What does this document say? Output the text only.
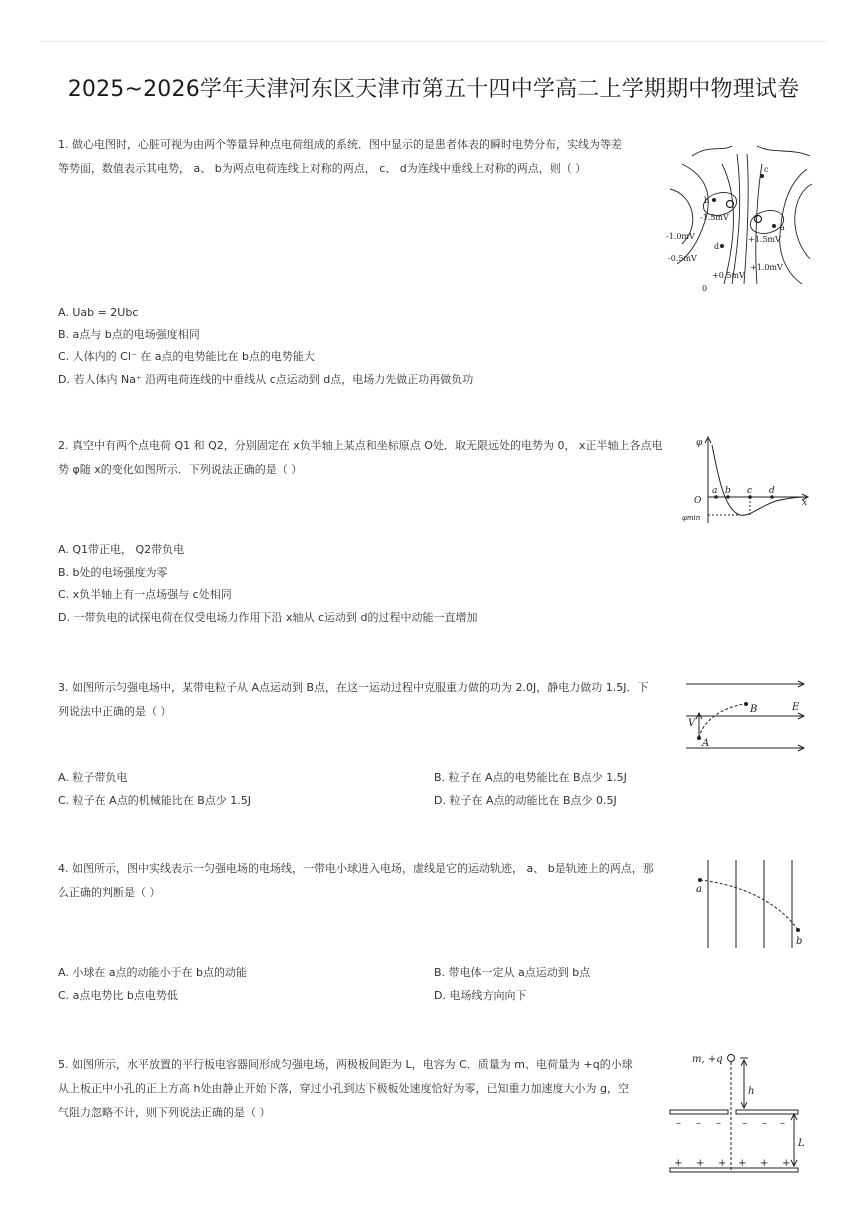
2025~2026学年天津河东区天津市第五十四中学高二上学期期中物理试卷
1. 做心电图时，心脏可视为由两个等量异种点电荷组成的系统．图中显示的是患者体表的瞬时电势分布，实线为等差
等势面，数值表示其电势， a、 b为两点电荷连线上对称的两点， c、 d为连线中垂线上对称的两点，则（ ）
A. Uab = 2Ubc
B. a点与 b点的电场强度相同
C. 人体内的 Cl⁻ 在 a点的电势能比在 b点的电势能大
D. 若人体内 Na⁺ 沿两电荷连线的中垂线从 c点运动到 d点，电场力先做正功再做负功
c
b
-1.5mV
a
+1.5mV
-1.0mV
d
+1.0mV
-0.5mV
+0.5mV
0
2. 真空中有两个点电荷 Q1 和 Q2，分别固定在 x负半轴上某点和坐标原点 O处．取无限远处的电势为 0， x正半轴上各点电
势 φ随 x的变化如图所示．下列说法正确的是（ ）
A. Q1带正电， Q2带负电
B. b处的电场强度为零
C. x负半轴上有一点场强与 c处相同
D. 一带负电的试探电荷在仅受电场力作用下沿 x轴从 c运动到 d的过程中动能一直增加
φ
O
a b c d
x
φmin
3. 如图所示匀强电场中，某带电粒子从 A点运动到 B点，在这一运动过程中克服重力做的功为 2.0J，静电力做功 1.5J．下
列说法中正确的是（ ）
A. 粒子带负电	B. 粒子在 A点的电势能比在 B点少 1.5J
C. 粒子在 A点的机械能比在 B点少 1.5J	D. 粒子在 A点的动能比在 B点少 0.5J
B	E
V
A
4. 如图所示，图中实线表示一匀强电场的电场线，一带电小球进入电场，虚线是它的运动轨迹， a、 b是轨迹上的两点，那
么正确的判断是（ ）
A. 小球在 a点的动能小于在 b点的动能	B. 带电体一定从 a点运动到 b点
C. a点电势比 b点电势低	D. 电场线方向向下
a
b
5. 如图所示，水平放置的平行板电容器间形成匀强电场，两极板间距为 L，电容为 C．质量为 m、电荷量为 +q的小球
从上板正中小孔的正上方高 h处由静止开始下落，穿过小孔到达下极板处速度恰好为零，已知重力加速度大小为 g，空
气阻力忽略不计，则下列说法正确的是（ ）
m, +q
h
L
– – – – – –
+ + + + + +
